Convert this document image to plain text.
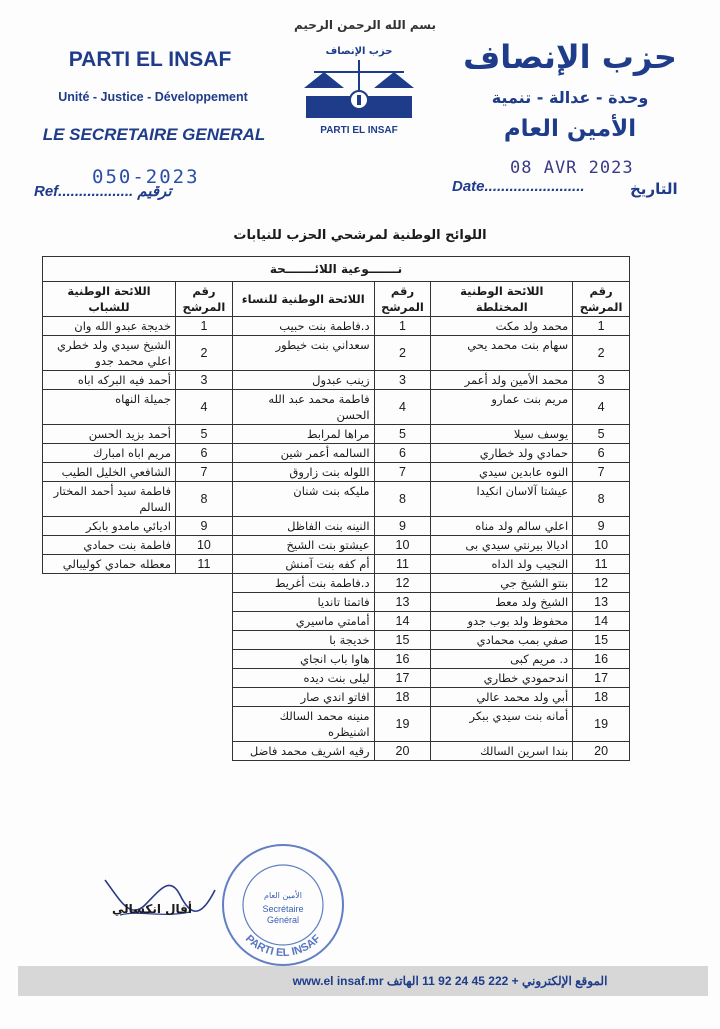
بسم الله الرحمن الرحيم
PARTI EL INSAF
Unité - Justice - Développement
LE SECRETAIRE GENERAL
حزب الإنصاف
وحدة - عدالة - تنمية
الأمين العام
حزب الإنصاف
PARTI EL INSAF
050-2023
Ref.................. ترقيم
08 AVR 2023
Date........................	التاريخ
اللوائح الوطنية لمرشحي الحزب للنيابات
نـــــــوعية اللائـــــــحة					
رقم المرشح	اللائحة الوطنية المختلطة	رقم المرشح	اللائحة الوطنية للنساء	رقم المرشح	اللائحة الوطنية للشباب
1	محمد ولد مكت	1	د.فاطمة بنت حبيب	1	خديجة عبدو الله وان
2	سهام بنت محمد يحي	2	سعداني بنت خيطور	2	الشيخ سيدي ولد خطري اعلي محمد جدو
3	محمد الأمين ولد أعمر	3	زينب عبدول	3	أحمد فيه البركه اباه
4	مريم بنت عمارو	4	فاطمة محمد عبد الله الحسن	4	جميلة النهاه
5	يوسف سيلا	5	مراها لمرابط	5	أحمد بزيد الحسن
6	حمادي ولد خطاري	6	السالمه أعمر شين	6	مريم اباه امبارك
7	النوه عابدين سيدي	7	اللوله بنت زاروق	7	الشافعي الخليل الطيب
8	عيشتا آلاسان انكيدا	8	مليكه بنت شنان	8	فاطمة سيد أحمد المختار السالم
9	اعلي سالم ولد مناه	9	النينه بنت الفاظل	9	اديائي مامدو بابكر
10	اديالا بيرنتي سيدي بى	10	عيشتو بنت الشيخ	10	فاطمة بنت حمادي
11	النجيب ولد الداه	11	أم كفه بنت آمنش	11	معطله حمادي كوليبالي
12	بنتو الشيخ جي	12	د.فاطمة بنت أغريط		
13	الشيخ ولد معط	13	فاتمتا تانديا		
14	محفوظ ولد بوب جدو	14	أمامتي ماسيري		
15	صفي بمب محمادي	15	خديجة با		
16	د. مريم كبى	16	هاوا باب انجاي		
17	اندحمودي خطاري	17	ليلى بنت ديده		
18	أبي ولد محمد عالي	18	افاتو اندي صار		
19	أمانه بنت سيدي ببكر	19	منينه محمد السالك اشنيظره		
20	بندا اسرين السالك	20	رقيه اشريف محمد فاضل		
PARTI EL INSAF
الأمين العام
Secrétaire
Général
أفال انكسالي
www.el insaf.mr الموقع الإلكتروني + 222 45 24 92 11 الهاتف
